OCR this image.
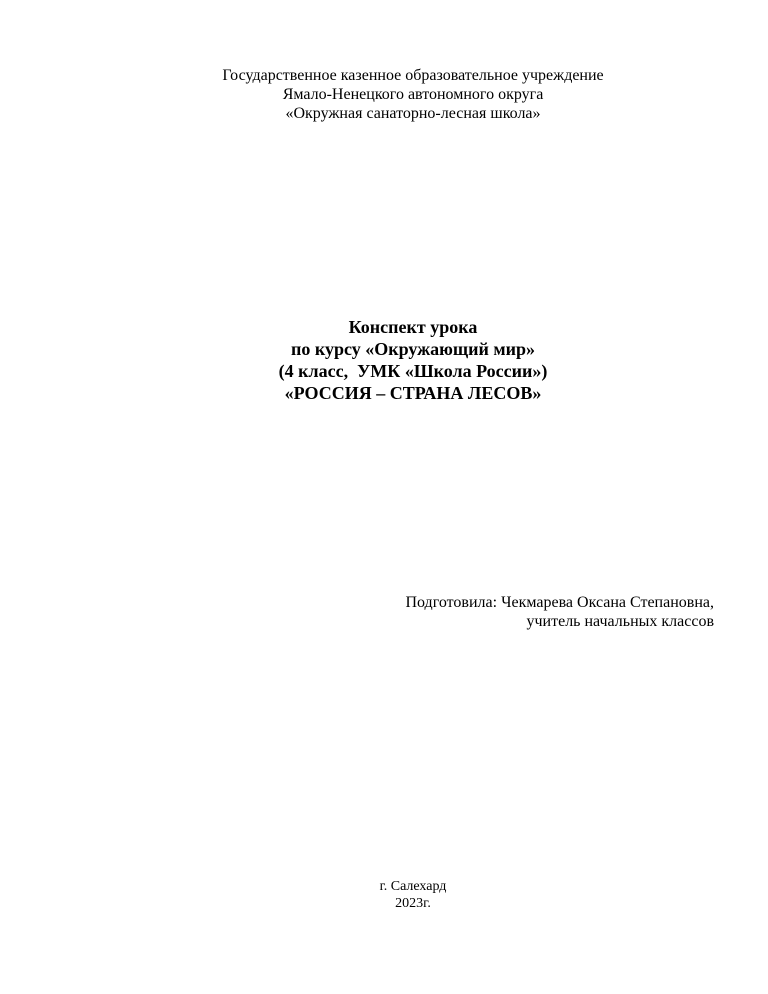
Государственное казенное образовательное учреждение
Ямало-Ненецкого автономного округа
«Окружная санаторно-лесная школа»
Конспект урока
по курсу «Окружающий мир»
(4 класс,  УМК «Школа России»)
«РОССИЯ – СТРАНА ЛЕСОВ»
Подготовила: Чекмарева Оксана Степановна,
учитель начальных классов
г. Салехард
2023г.
